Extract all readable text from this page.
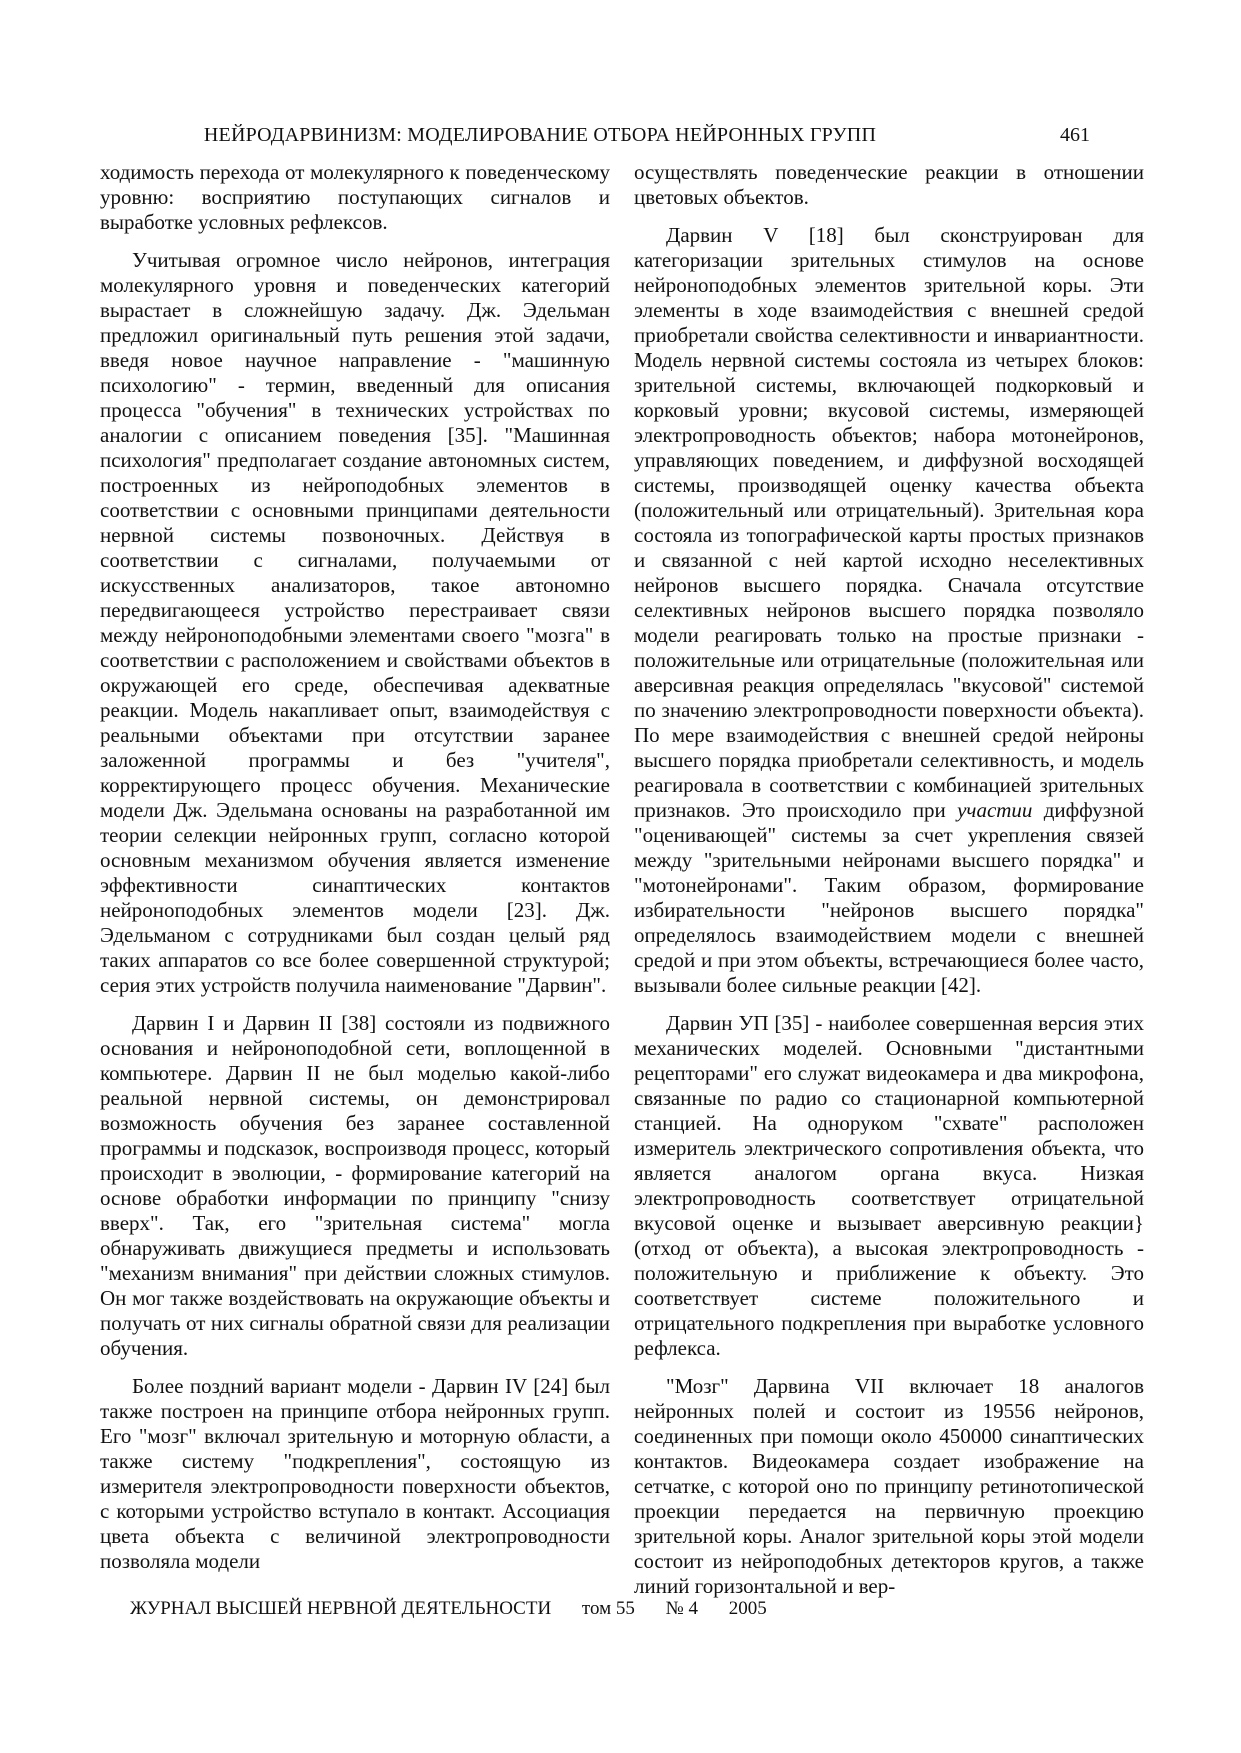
НЕЙРОДАРВИНИЗМ: МОДЕЛИРОВАНИЕ ОТБОРА НЕЙРОННЫХ ГРУПП	461

ходимость перехода от молекулярного к поведенческому уровню: восприятию поступающих сигналов и выработке условных рефлексов.

Учитывая огромное число нейронов, интеграция молекулярного уровня и поведенческих категорий вырастает в сложнейшую задачу. Дж. Эдельман предложил оригинальный путь решения этой задачи, введя новое научное направление - "машинную психологию" - термин, введенный для описания процесса "обучения" в технических устройствах по аналогии с описанием поведения [35]. "Машинная психология" предполагает создание автономных систем, построенных из нейроподобных элементов в соответствии с основными принципами деятельности нервной системы позвоночных. Действуя в соответствии с сигналами, получаемыми от искусственных анализаторов, такое автономно передвигающееся устройство перестраивает связи между нейроноподобными элементами своего "мозга" в соответствии с расположением и свойствами объектов в окружающей его среде, обеспечивая адекватные реакции. Модель накапливает опыт, взаимодействуя с реальными объектами при отсутствии заранее заложенной программы и без "учителя", корректирующего процесс обучения. Механические модели Дж. Эдельмана основаны на разработанной им теории селекции нейронных групп, согласно которой основным механизмом обучения является изменение эффективности синаптических контактов нейроноподобных элементов модели [23]. Дж. Эдельманом с сотрудниками был создан целый ряд таких аппаратов со все более совершенной структурой; серия этих устройств получила наименование "Дарвин".

Дарвин I и Дарвин II [38] состояли из подвижного основания и нейроноподобной сети, воплощенной в компьютере. Дарвин II не был моделью какой-либо реальной нервной системы, он демонстрировал возможность обучения без заранее составленной программы и подсказок, воспроизводя процесс, который происходит в эволюции, - формирование категорий на основе обработки информации по принципу "снизу вверх". Так, его "зрительная система" могла обнаруживать движущиеся предметы и использовать "механизм внимания" при действии сложных стимулов. Он мог также воздействовать на окружающие объекты и получать от них сигналы обратной связи для реализации обучения.

Более поздний вариант модели - Дарвин IV [24] был также построен на принципе отбора нейронных групп. Его "мозг" включал зрительную и моторную области, а также систему "подкрепления", состоящую из измерителя электропроводности поверхности объектов, с которыми устройство вступало в контакт. Ассоциация цвета объекта с величиной электропроводности позволяла модели

осуществлять поведенческие реакции в отношении цветовых объектов.

Дарвин V [18] был сконструирован для категоризации зрительных стимулов на основе нейроноподобных элементов зрительной коры. Эти элементы в ходе взаимодействия с внешней средой приобретали свойства селективности и инвариантности. Модель нервной системы состояла из четырех блоков: зрительной системы, включающей подкорковый и корковый уровни; вкусовой системы, измеряющей электропроводность объектов; набора мотонейронов, управляющих поведением, и диффузной восходящей системы, производящей оценку качества объекта (положительный или отрицательный). Зрительная кора состояла из топографической карты простых признаков и связанной с ней картой исходно неселективных нейронов высшего порядка. Сначала отсутствие селективных нейронов высшего порядка позволяло модели реагировать только на простые признаки - положительные или отрицательные (положительная или аверсивная реакция определялась "вкусовой" системой по значению электропроводности поверхности объекта). По мере взаимодействия с внешней средой нейроны высшего порядка приобретали селективность, и модель реагировала в соответствии с комбинацией зрительных признаков. Это происходило при участии диффузной "оценивающей" системы за счет укрепления связей между "зрительными нейронами высшего порядка" и "мотонейронами". Таким образом, формирование избирательности "нейронов высшего порядка" определялось взаимодействием модели с внешней средой и при этом объекты, встречающиеся более часто, вызывали более сильные реакции [42].

Дарвин УП [35] - наиболее совершенная версия этих механических моделей. Основными "дистантными рецепторами" его служат видеокамера и два микрофона, связанные по радио со стационарной компьютерной станцией. На одноруком "схвате" расположен измеритель электрического сопротивления объекта, что является аналогом органа вкуса. Низкая электропроводность соответствует отрицательной вкусовой оценке и вызывает аверсивную реакции} (отход от объекта), а высокая электропроводность - положительную и приближение к объекту. Это соответствует системе положительного и отрицательного подкрепления при выработке условного рефлекса.

"Мозг" Дарвина VII включает 18 аналогов нейронных полей и состоит из 19556 нейронов, соединенных при помощи около 450000 синаптических контактов. Видеокамера создает изображение на сетчатке, с которой оно по принципу ретинотопической проекции передается на первичную проекцию зрительной коры. Аналог зрительной коры этой модели состоит из нейроподобных детекторов кругов, а также линий горизонтальной и вер-

ЖУРНАЛ ВЫСШЕЙ НЕРВНОЙ ДЕЯТЕЛЬНОСТИ том 55 № 4 2005
